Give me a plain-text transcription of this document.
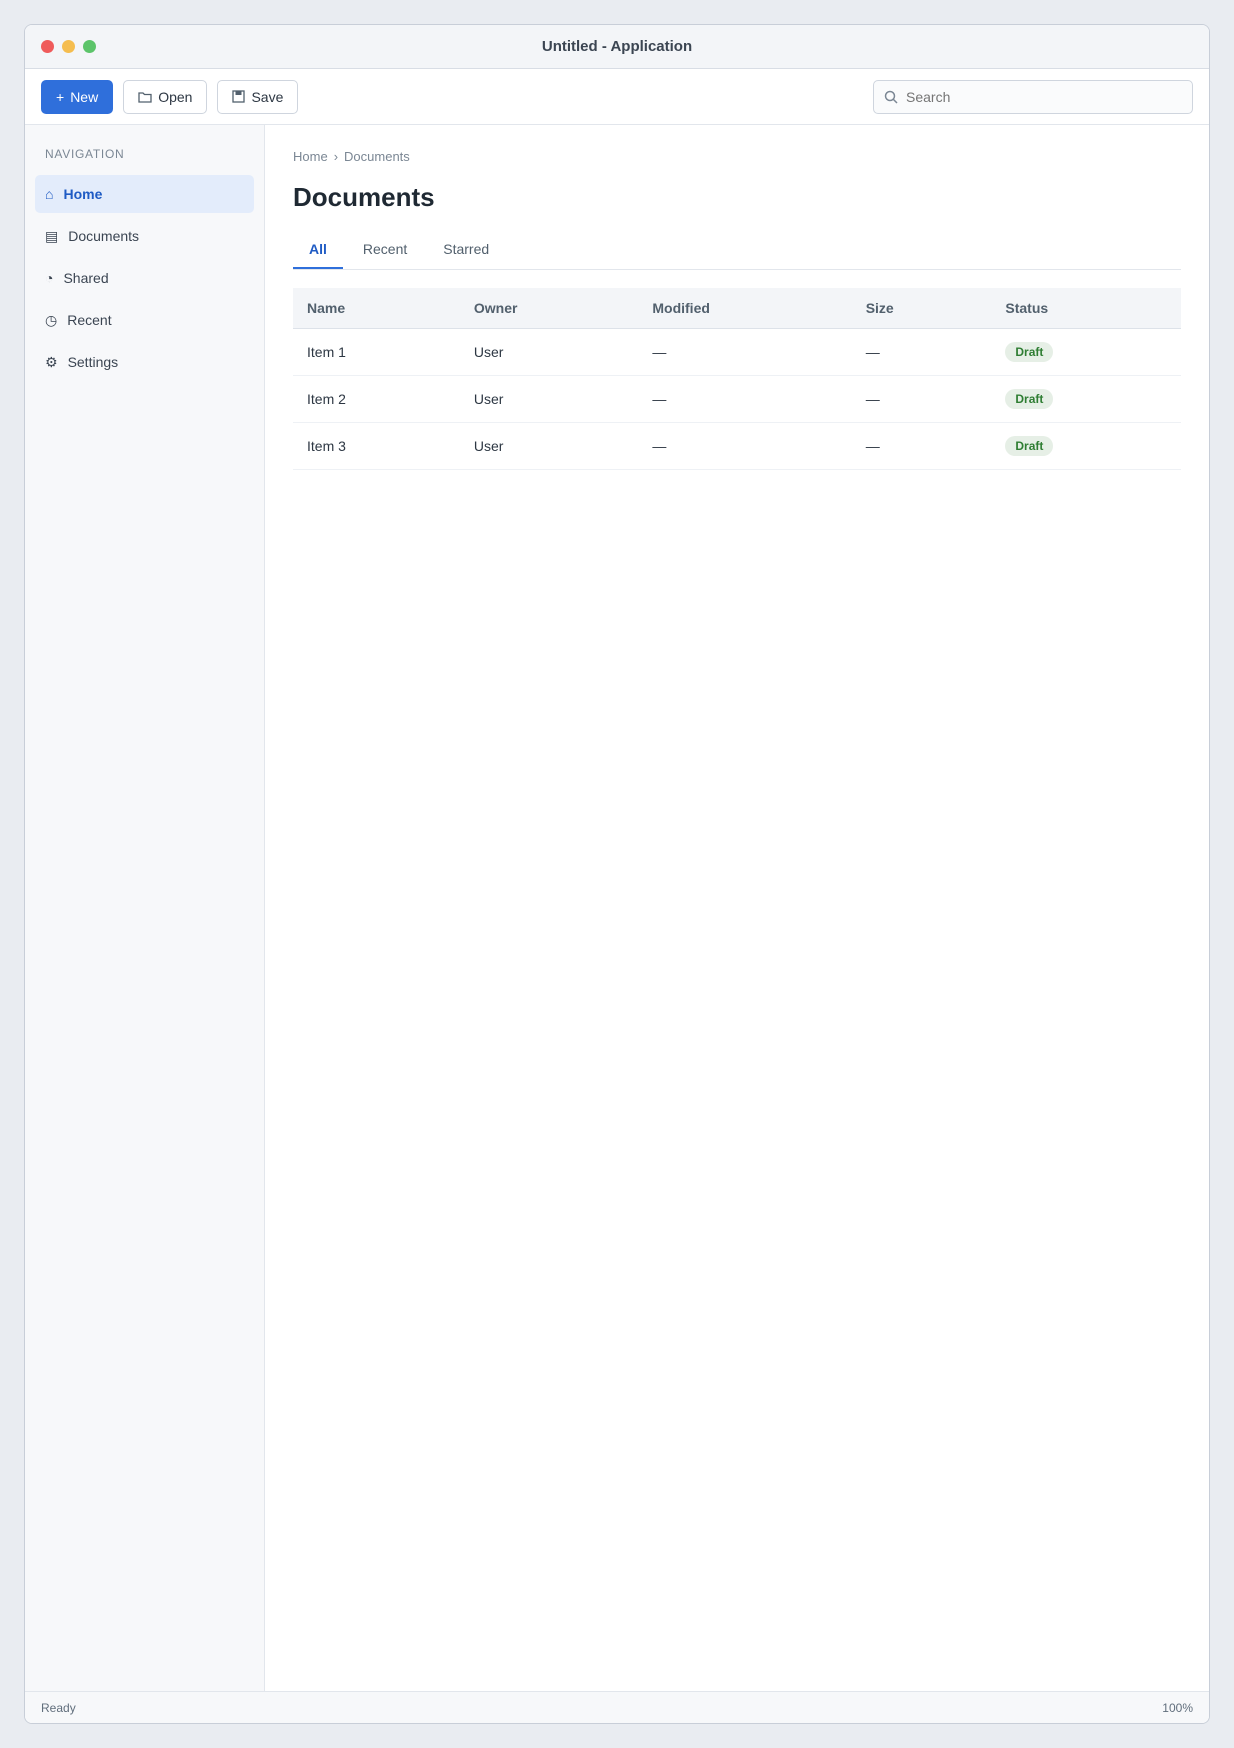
Untitled - Application
+ New	Open	Save
Search
NAVIGATION
⌂ Home
▤ Documents
◔ Shared
◷ Recent
⚙ Settings
Home › Documents
Documents
All	Recent	Starred
Name	Owner	Modified	Size	Status
Item 1	User	—	—	Draft
Item 2	User	—	—	Draft
Item 3	User	—	—	Draft
Ready	100%
